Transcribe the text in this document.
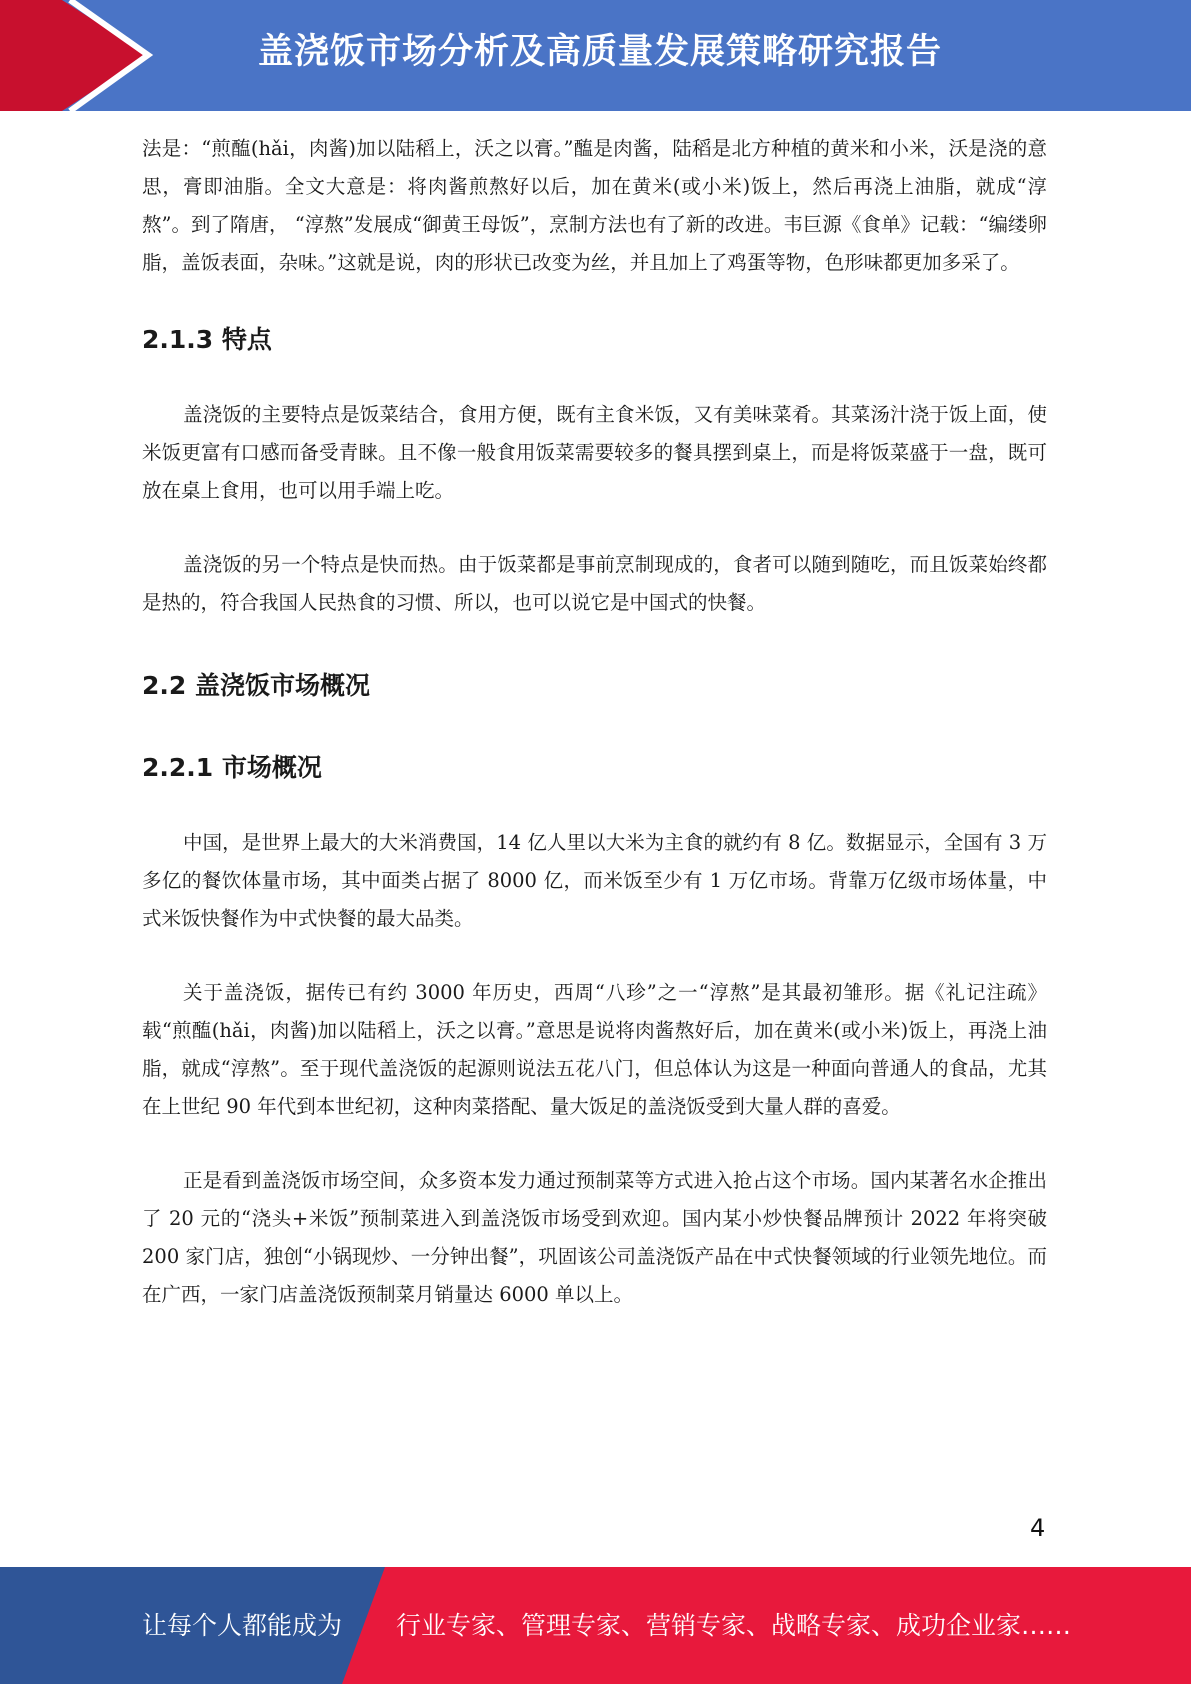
盖浇饭市场分析及高质量发展策略研究报告

法是：“煎醢(hǎi，肉酱)加以陆稻上，沃之以膏。”醢是肉酱，陆稻是北方种植的黄米和小米，沃是浇的意思，膏即油脂。全文大意是：将肉酱煎熬好以后，加在黄米(或小米)饭上，然后再浇上油脂，就成“淳熬”。到了隋唐， “淳熬”发展成“御黄王母饭”，烹制方法也有了新的改进。韦巨源《食单》记载：“编缕卵脂，盖饭表面，杂味。”这就是说，肉的形状已改变为丝，并且加上了鸡蛋等物，色形味都更加多采了。

2.1.3 特点

盖浇饭的主要特点是饭菜结合，食用方便，既有主食米饭，又有美味菜肴。其菜汤汁浇于饭上面，使米饭更富有口感而备受青睐。且不像一般食用饭菜需要较多的餐具摆到桌上，而是将饭菜盛于一盘，既可放在桌上食用，也可以用手端上吃。

盖浇饭的另一个特点是快而热。由于饭菜都是事前烹制现成的，食者可以随到随吃，而且饭菜始终都是热的，符合我国人民热食的习惯、所以，也可以说它是中国式的快餐。

2.2 盖浇饭市场概况
2.2.1 市场概况

中国，是世界上最大的大米消费国，14 亿人里以大米为主食的就约有 8 亿。数据显示，全国有 3 万多亿的餐饮体量市场，其中面类占据了 8000 亿，而米饭至少有 1 万亿市场。背靠万亿级市场体量，中式米饭快餐作为中式快餐的最大品类。

关于盖浇饭，据传已有约 3000 年历史，西周“八珍”之一“淳熬”是其最初雏形。据《礼记注疏》载“煎醢(hǎi，肉酱)加以陆稻上，沃之以膏。”意思是说将肉酱熬好后，加在黄米(或小米)饭上，再浇上油脂，就成“淳熬”。至于现代盖浇饭的起源则说法五花八门，但总体认为这是一种面向普通人的食品，尤其在上世纪 90 年代到本世纪初，这种肉菜搭配、量大饭足的盖浇饭受到大量人群的喜爱。

正是看到盖浇饭市场空间，众多资本发力通过预制菜等方式进入抢占这个市场。国内某著名水企推出了 20 元的“浇头+米饭”预制菜进入到盖浇饭市场受到欢迎。国内某小炒快餐品牌预计 2022 年将突破 200 家门店，独创“小锅现炒、一分钟出餐”，巩固该公司盖浇饭产品在中式快餐领域的行业领先地位。而在广西，一家门店盖浇饭预制菜月销量达 6000 单以上。

4
让每个人都能成为 行业专家、管理专家、营销专家、战略专家、成功企业家……
